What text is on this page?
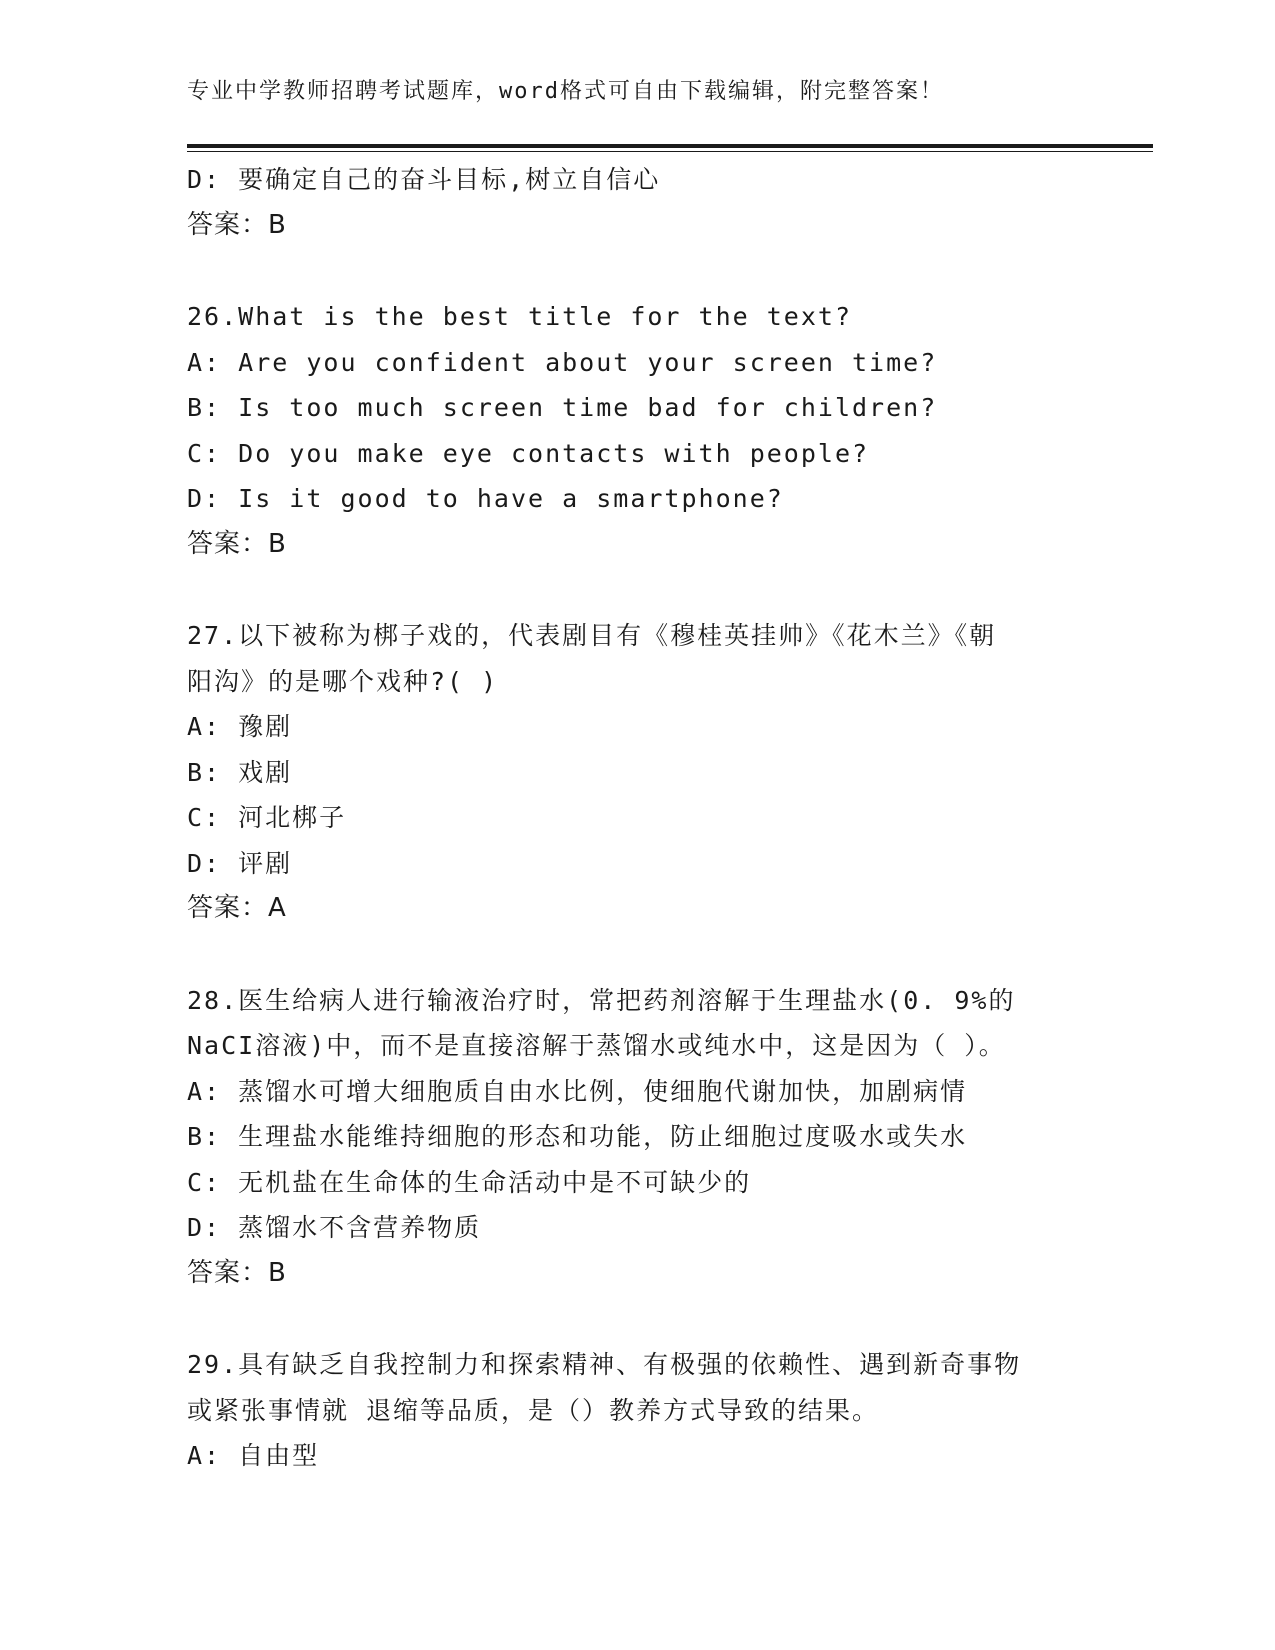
专业中学教师招聘考试题库，word格式可自由下载编辑，附完整答案！
D: 要确定自己的奋斗目标,树立自信心
答案：B
26.What is the best title for the text?
A: Are you confident about your screen time?
B: Is too much screen time bad for children?
C: Do you make eye contacts with people?
D: Is it good to have a smartphone?
答案：B
27.以下被称为梆子戏的，代表剧目有《穆桂英挂帅》《花木兰》《朝
阳沟》的是哪个戏种?( )
A: 豫剧
B: 戏剧
C: 河北梆子
D: 评剧
答案：A
28.医生给病人进行输液治疗时，常把药剂溶解于生理盐水(0. 9%的
NaCI溶液)中，而不是直接溶解于蒸馏水或纯水中，这是因为（ ）。
A: 蒸馏水可增大细胞质自由水比例，使细胞代谢加快，加剧病情
B: 生理盐水能维持细胞的形态和功能，防止细胞过度吸水或失水
C: 无机盐在生命体的生命活动中是不可缺少的
D: 蒸馏水不含营养物质
答案：B
29.具有缺乏自我控制力和探索精神、有极强的依赖性、遇到新奇事物
或紧张事情就 退缩等品质，是（）教养方式导致的结果。
A: 自由型
